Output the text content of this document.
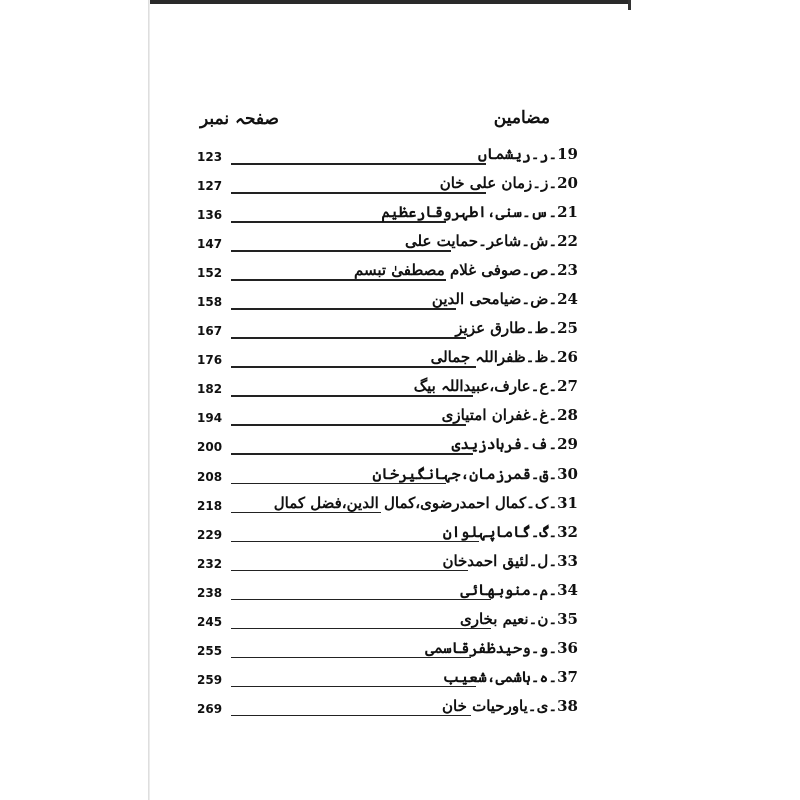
مضامین
صفحہ نمبر
123	19۔ر۔ریشماں
127	20۔ز۔زمان علی خان
136	21۔س۔سنی،اطہروقارعظیم
147	22۔ش۔شاعر۔حمایت علی
152	23۔ص۔صوفی غلام مصطفیٰ تبسم
158	24۔ض۔ضیامحی الدین
167	25۔ط۔طارق عزیز
176	26۔ظ۔ظفراللہ جمالی
182	27۔ع۔عارف،عبیداللہ بیگ
194	28۔غ۔غفران امتیازی
200	29۔ف۔فرہادزیدی
208	30۔ق۔قمرزمان،جہانگیرخان
218	31۔ک۔کمال احمدرضوی،کمال الدین،فضل کمال
229	32۔گ۔گاماپہلوان
232	33۔ل۔لئیق احمدخان
238	34۔م۔منوبھائی
245	35۔ن۔نعیم بخاری
255	36۔و۔وحیدظفرقاسمی
259	37۔ہ۔ہاشمی،شعیب
269	38۔ی۔یاورحیات خان
